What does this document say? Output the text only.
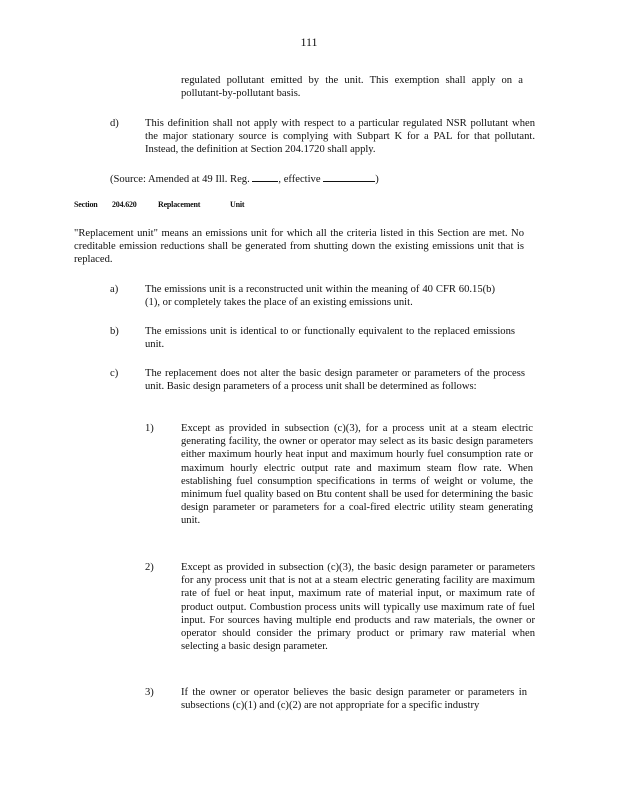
111

regulated pollutant emitted by the unit. This exemption shall apply on a pollutant-by-pollutant basis.

d) This definition shall not apply with respect to a particular regulated NSR pollutant when the major stationary source is complying with Subpart K for a PAL for that pollutant. Instead, the definition at Section 204.1720 shall apply.

(Source: Amended at 49 Ill. Reg.	, effective	)

Section 204.620	Replacement	Unit

"Replacement unit" means an emissions unit for which all the criteria listed in this Section are met. No creditable emission reductions shall be generated from shutting down the existing emissions unit that is replaced.

a)	The emissions unit is a reconstructed unit within the meaning of 40 CFR 60.15(b)(1), or completely takes the place of an existing emissions unit.

b) The emissions unit is identical to or functionally equivalent to the replaced emissions unit.

c)	The replacement does not alter the basic design parameter or parameters of the process unit. Basic design parameters of a process unit shall be determined as follows:

1)	Except as provided in subsection (c)(3), for a process unit at a steam electric generating facility, the owner or operator may select as its basic design parameters either maximum hourly heat input and maximum hourly fuel consumption rate or maximum hourly electric output rate and maximum steam flow rate. When establishing fuel consumption specifications in terms of weight or volume, the minimum fuel quality based on Btu content shall be used for determining the basic design parameter or parameters for a coal-fired electric utility steam generating unit.

2)	Except as provided in subsection (c)(3), the basic design parameter or parameters for any process unit that is not at a steam electric generating facility are maximum rate of fuel or heat input, maximum rate of material input, or maximum rate of product output. Combustion process units will typically use maximum rate of fuel input. For sources having multiple end products and raw materials, the owner or operator should consider the primary product or primary raw material when selecting a basic design parameter.

3)	If the owner or operator believes the basic design parameter or parameters in subsections (c)(1) and (c)(2) are not appropriate for a specific industry
